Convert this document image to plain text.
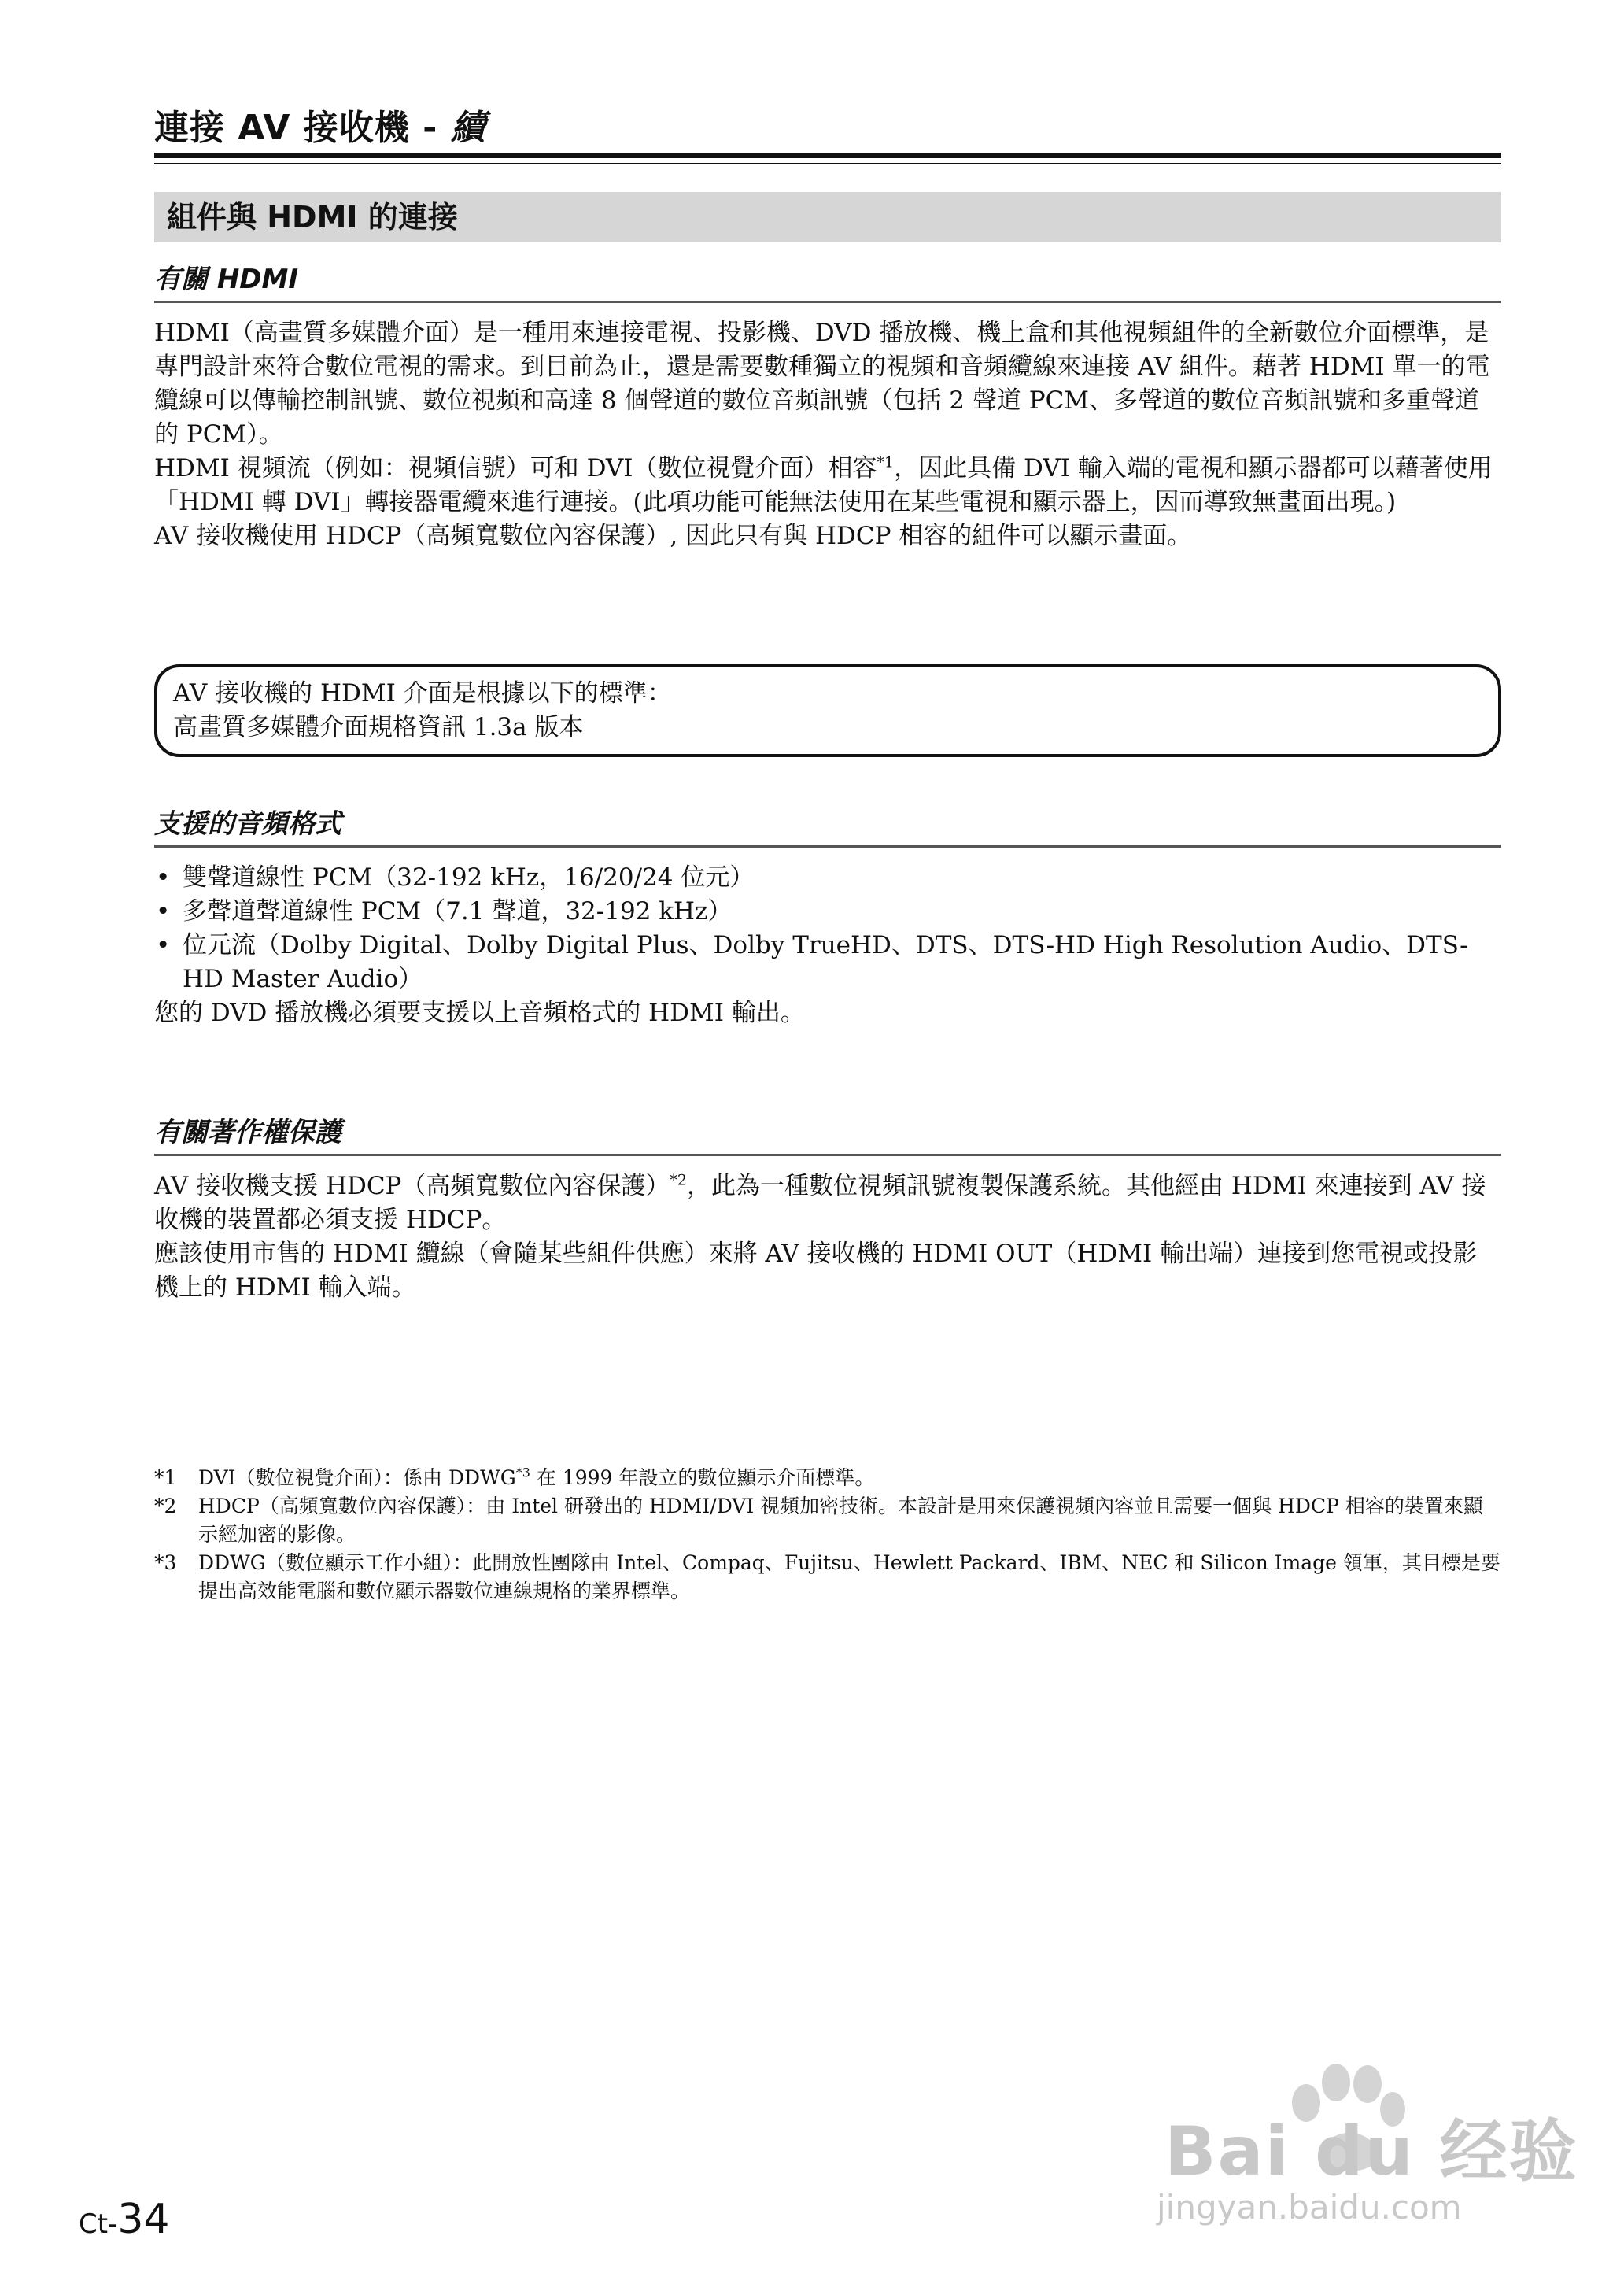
連接 AV 接收機 - 續
組件與 HDMI 的連接
有關 HDMI

HDMI（高畫質多媒體介面）是一種用來連接電視、投影機、DVD 播放機、機上盒和其他視頻組件的全新數位介面標準，是專門設計來符合數位電視的需求。到目前為止，還是需要數種獨立的視頻和音頻纜線來連接 AV 組件。藉著 HDMI 單一的電纜線可以傳輸控制訊號、數位視頻和高達 8 個聲道的數位音頻訊號（包括 2 聲道 PCM、多聲道的數位音頻訊號和多重聲道的 PCM）。

HDMI 視頻流（例如：視頻信號）可和 DVI（數位視覺介面）相容$^{*1}$，因此具備 DVI 輸入端的電視和顯示器都可以藉著使用 「HDMI 轉 DVI」轉接器電纜來進行連接。(此項功能可能無法使用在某些電視和顯示器上，因而導致無畫面出現。)

AV 接收機使用 HDCP（高頻寬數位內容保護）, 因此只有與 HDCP 相容的組件可以顯示畫面。

AV 接收機的 HDMI 介面是根據以下的標準：

高畫質多媒體介面規格資訊 1.3a 版本

支援的音頻格式
• 雙聲道線性 PCM（32-192 kHz，16/20/24 位元）
• 多聲道聲道線性 PCM（7.1 聲道，32-192 kHz）
• 位元流（Dolby Digital、Dolby Digital Plus、Dolby TrueHD、DTS、DTS-HD High Resolution Audio、DTS-HD Master Audio）

您的 DVD 播放機必須要支援以上音頻格式的 HDMI 輸出。

有關著作權保護

AV 接收機支援 HDCP（高頻寬數位內容保護）$^{*2}$，此為一種數位視頻訊號複製保護系統。其他經由 HDMI 來連接到 AV 接收機的裝置都必須支援 HDCP。

應該使用市售的 HDMI 纜線（會隨某些組件供應）來將 AV 接收機的 HDMI OUT（HDMI 輸出端）連接到您電視或投影機上的 HDMI 輸入端。

*1 DVI（數位視覺介面）：係由 DDWG$^{*3}$ 在 1999 年設立的數位顯示介面標準。

*2 HDCP（高頻寬數位內容保護）：由 Intel 研發出的 HDMI/DVI 視頻加密技術。本設計是用來保護視頻內容並且需要一個與 HDCP 相容的裝置來顯示經加密的影像。

*3 DDWG（數位顯示工作小組）：此開放性團隊由 Intel、Compaq、Fujitsu、Hewlett Packard、IBM、NEC 和 Silicon Image 領軍，其目標是要提出高效能電腦和數位顯示器數位連線規格的業界標準。

Ct-34
Bai du 经验
jingyan.baidu.com
